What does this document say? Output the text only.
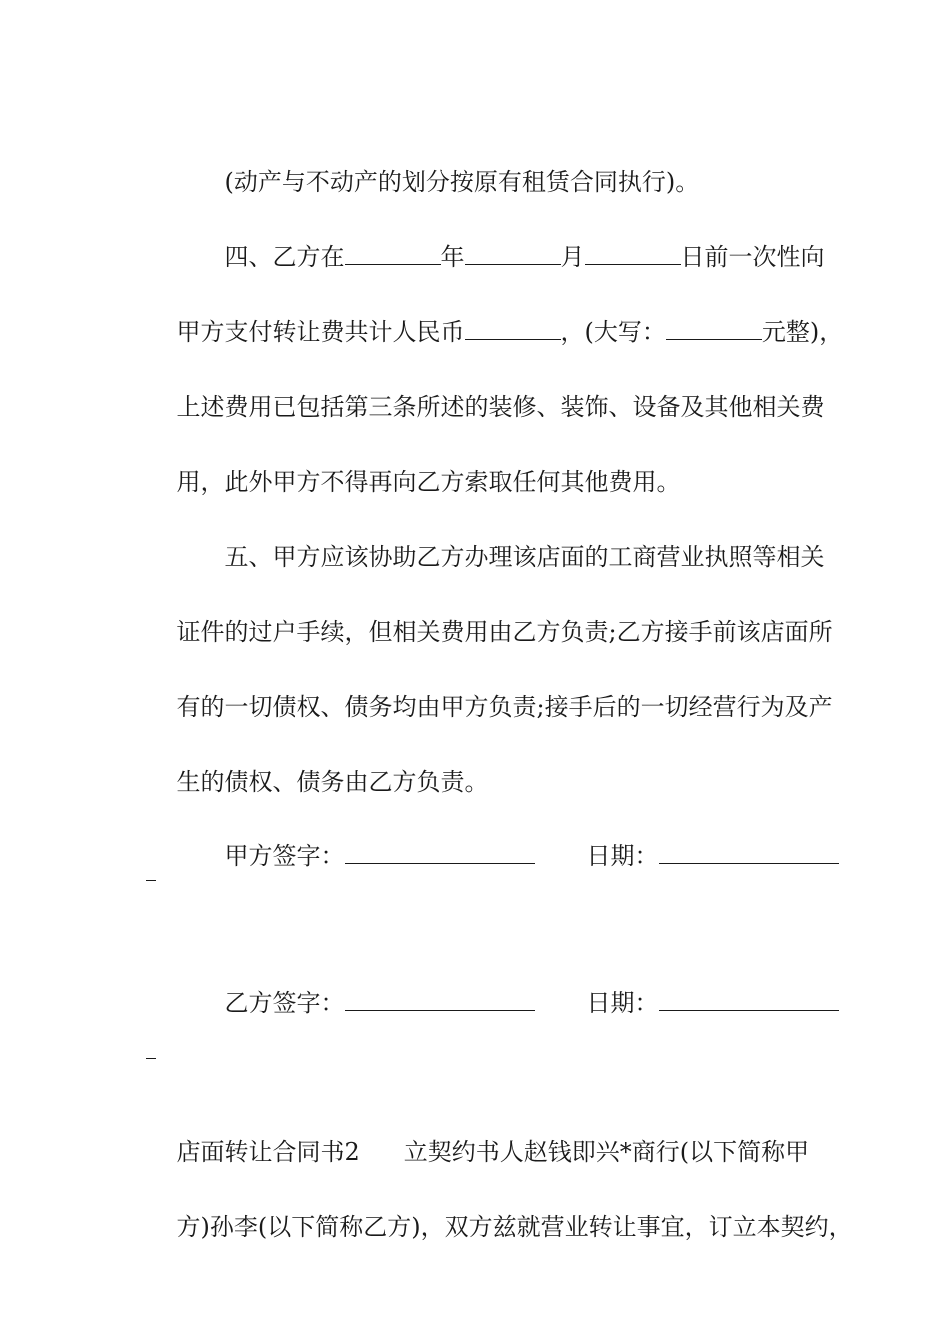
(动产与不动产的划分按原有租赁合同执行)。

四、乙方在	年	月	日前一次性向

甲方支付转让费共计人民币	，(大写：	元整)，

上述费用已包括第三条所述的装修、装饰、设备及其他相关费

用，此外甲方不得再向乙方索取任何其他费用。

五、甲方应该协助乙方办理该店面的工商营业执照等相关

证件的过户手续，但相关费用由乙方负责;乙方接手前该店面所

有的一切债权、债务均由甲方负责;接手后的一切经营行为及产

生的债权、债务由乙方负责。

甲方签字：
	日期：

乙方签字：
	日期：

店面转让合同书2 立契约书人赵钱即兴*商行(以下简称甲

方)孙李(以下简称乙方)，双方兹就营业转让事宜，订立本契约，
